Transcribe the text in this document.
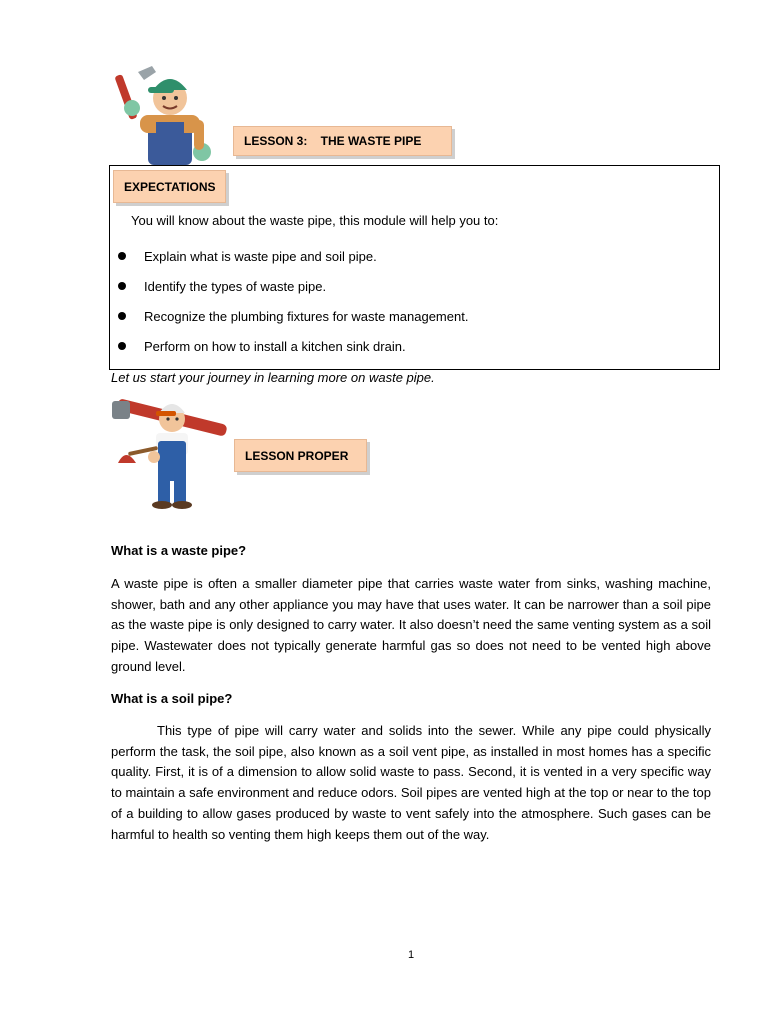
LESSON 3:    THE WASTE PIPE
EXPECTATIONS
You will know about the waste pipe, this module will help you to:
Explain what is waste pipe and soil pipe.
Identify the types of waste pipe.
Recognize the plumbing fixtures for waste management.
Perform on how to install a kitchen sink drain.
Let us start your journey in learning more on waste pipe.
LESSON PROPER
What is a waste pipe?

A waste pipe is often a smaller diameter pipe that carries waste water from sinks, washing machine, shower, bath and any other appliance you may have that uses water. It can be narrower than a soil pipe as the waste pipe is only designed to carry water. It also doesn’t need the same venting system as a soil pipe. Wastewater does not typically generate harmful gas so does not need to be vented high above ground level.

What is a soil pipe?

This type of pipe will carry water and solids into the sewer. While any pipe could physically perform the task, the soil pipe, also known as a soil vent pipe, as installed in most homes has a specific quality. First, it is of a dimension to allow solid waste to pass. Second, it is vented in a very specific way to maintain a safe environment and reduce odors. Soil pipes are vented high at the top or near to the top of a building to allow gases produced by waste to vent safely into the atmosphere. Such gases can be harmful to health so venting them high keeps them out of the way.

1
